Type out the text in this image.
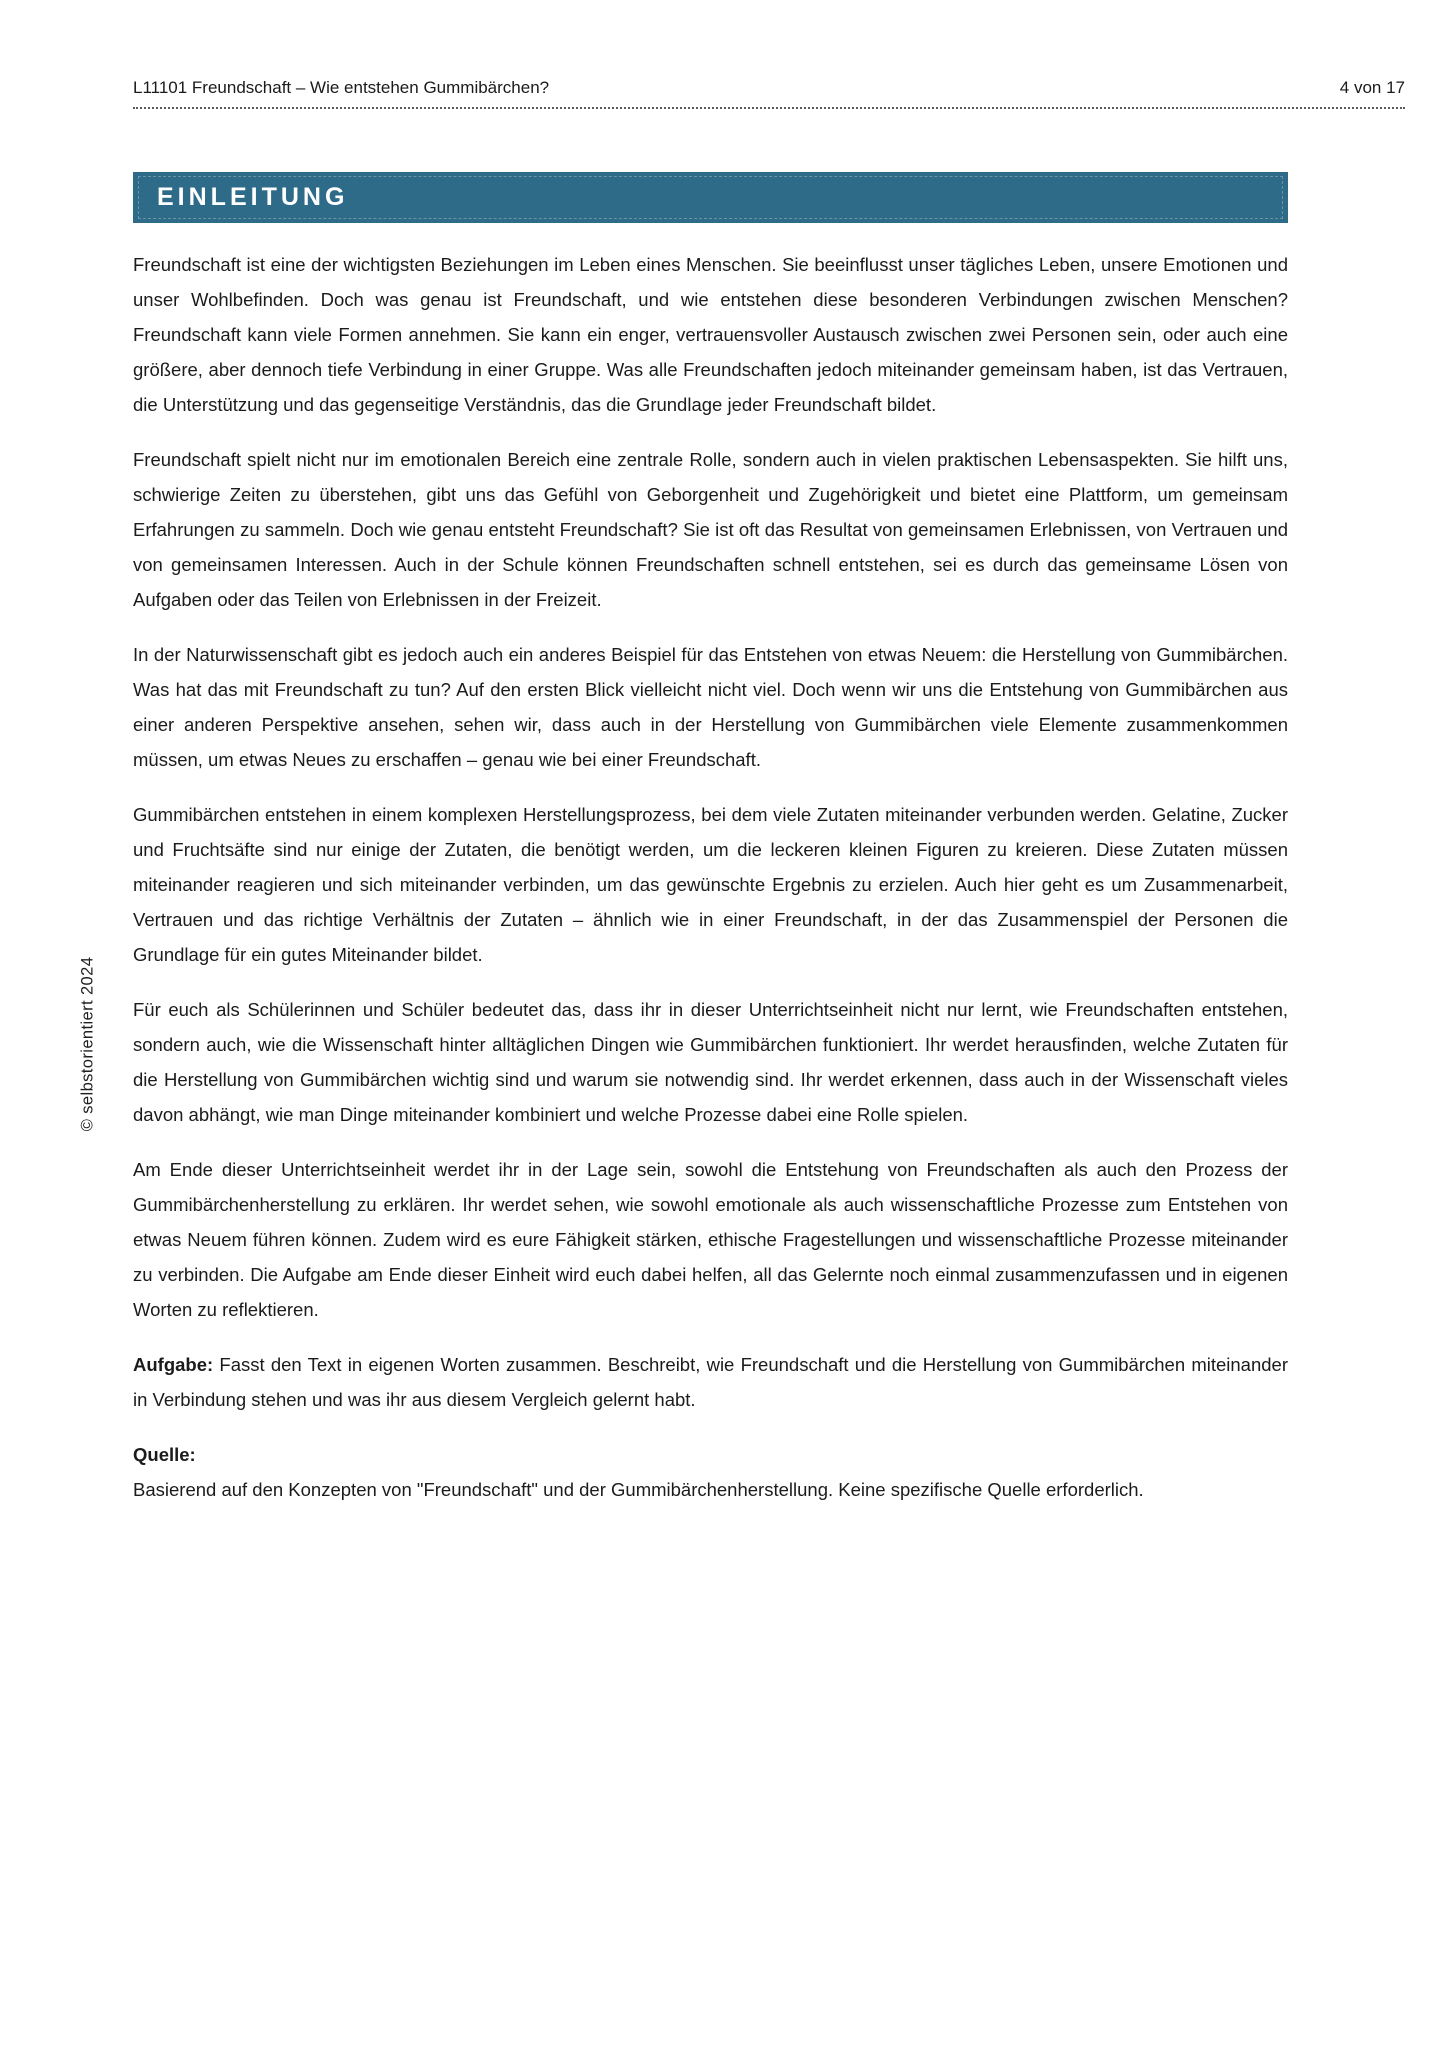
L11101 Freundschaft – Wie entstehen Gummibärchen?	4 von 17
EINLEITUNG

Freundschaft ist eine der wichtigsten Beziehungen im Leben eines Menschen. Sie beeinflusst unser tägliches Leben, unsere Emotionen und unser Wohlbefinden. Doch was genau ist Freundschaft, und wie entstehen diese besonderen Verbindungen zwischen Menschen? Freundschaft kann viele Formen annehmen. Sie kann ein enger, vertrauensvoller Austausch zwischen zwei Personen sein, oder auch eine größere, aber dennoch tiefe Verbindung in einer Gruppe. Was alle Freundschaften jedoch miteinander gemeinsam haben, ist das Vertrauen, die Unterstützung und das gegenseitige Verständnis, das die Grundlage jeder Freundschaft bildet.

Freundschaft spielt nicht nur im emotionalen Bereich eine zentrale Rolle, sondern auch in vielen praktischen Lebensaspekten. Sie hilft uns, schwierige Zeiten zu überstehen, gibt uns das Gefühl von Geborgenheit und Zugehörigkeit und bietet eine Plattform, um gemeinsam Erfahrungen zu sammeln. Doch wie genau entsteht Freundschaft? Sie ist oft das Resultat von gemeinsamen Erlebnissen, von Vertrauen und von gemeinsamen Interessen. Auch in der Schule können Freundschaften schnell entstehen, sei es durch das gemeinsame Lösen von Aufgaben oder das Teilen von Erlebnissen in der Freizeit.

In der Naturwissenschaft gibt es jedoch auch ein anderes Beispiel für das Entstehen von etwas Neuem: die Herstellung von Gummibärchen. Was hat das mit Freundschaft zu tun? Auf den ersten Blick vielleicht nicht viel. Doch wenn wir uns die Entstehung von Gummibärchen aus einer anderen Perspektive ansehen, sehen wir, dass auch in der Herstellung von Gummibärchen viele Elemente zusammenkommen müssen, um etwas Neues zu erschaffen – genau wie bei einer Freundschaft.

Gummibärchen entstehen in einem komplexen Herstellungsprozess, bei dem viele Zutaten miteinander verbunden werden. Gelatine, Zucker und Fruchtsäfte sind nur einige der Zutaten, die benötigt werden, um die leckeren kleinen Figuren zu kreieren. Diese Zutaten müssen miteinander reagieren und sich miteinander verbinden, um das gewünschte Ergebnis zu erzielen. Auch hier geht es um Zusammenarbeit, Vertrauen und das richtige Verhältnis der Zutaten – ähnlich wie in einer Freundschaft, in der das Zusammenspiel der Personen die Grundlage für ein gutes Miteinander bildet.

Für euch als Schülerinnen und Schüler bedeutet das, dass ihr in dieser Unterrichtseinheit nicht nur lernt, wie Freundschaften entstehen, sondern auch, wie die Wissenschaft hinter alltäglichen Dingen wie Gummibärchen funktioniert. Ihr werdet herausfinden, welche Zutaten für die Herstellung von Gummibärchen wichtig sind und warum sie notwendig sind. Ihr werdet erkennen, dass auch in der Wissenschaft vieles davon abhängt, wie man Dinge miteinander kombiniert und welche Prozesse dabei eine Rolle spielen.

Am Ende dieser Unterrichtseinheit werdet ihr in der Lage sein, sowohl die Entstehung von Freundschaften als auch den Prozess der Gummibärchenherstellung zu erklären. Ihr werdet sehen, wie sowohl emotionale als auch wissenschaftliche Prozesse zum Entstehen von etwas Neuem führen können. Zudem wird es eure Fähigkeit stärken, ethische Fragestellungen und wissenschaftliche Prozesse miteinander zu verbinden. Die Aufgabe am Ende dieser Einheit wird euch dabei helfen, all das Gelernte noch einmal zusammenzufassen und in eigenen Worten zu reflektieren.

Aufgabe: Fasst den Text in eigenen Worten zusammen. Beschreibt, wie Freundschaft und die Herstellung von Gummibärchen miteinander in Verbindung stehen und was ihr aus diesem Vergleich gelernt habt.

Quelle:

Basierend auf den Konzepten von "Freundschaft" und der Gummibärchenherstellung. Keine spezifische Quelle erforderlich.

© selbstorientiert 2024
